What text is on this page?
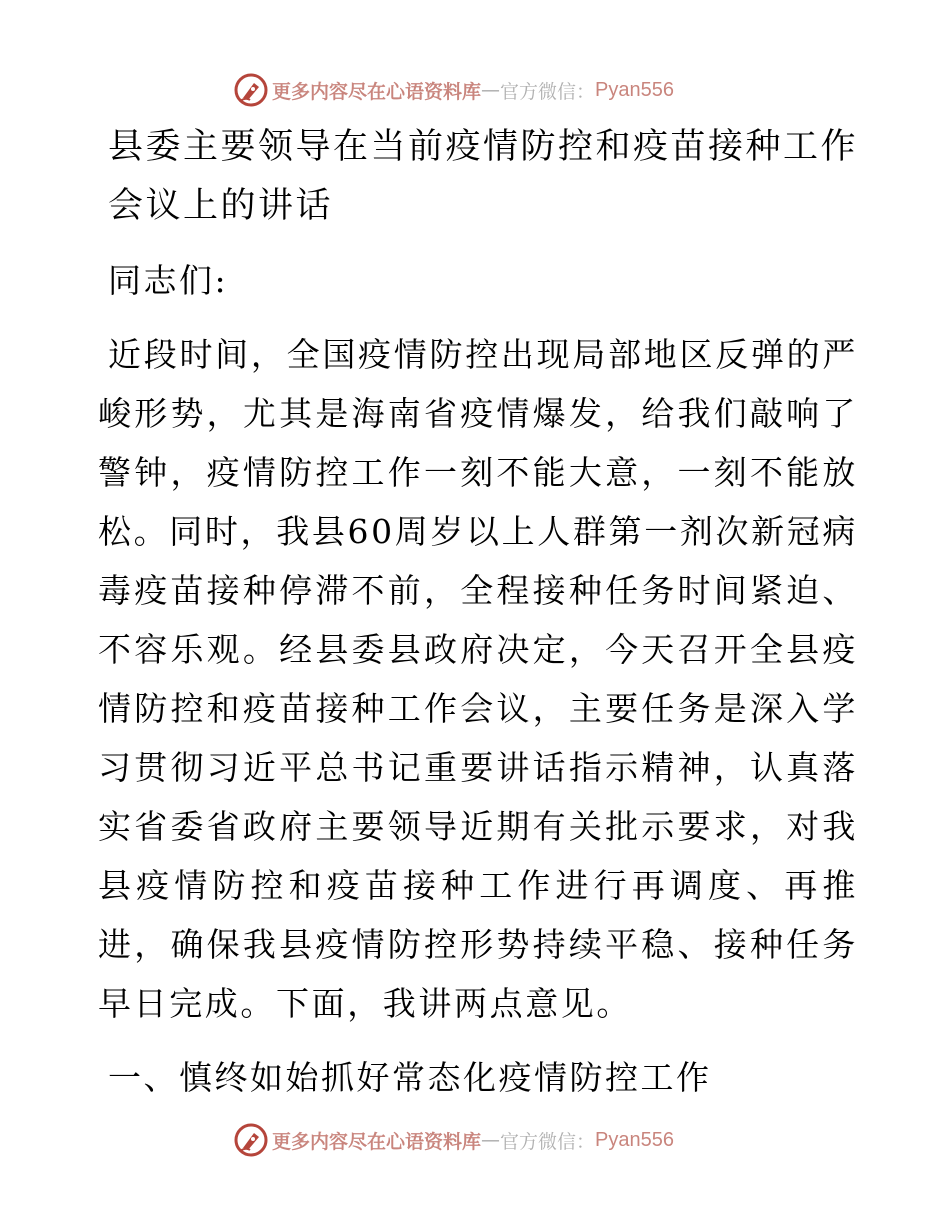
更多内容尽在心语资料库 — 官方微信： Pyan556
县委主要领导在当前疫情防控和疫苗接种工作会议上的讲话

同志们:

近段时间，全国疫情防控出现局部地区反弹的严峻形势，尤其是海南省疫情爆发，给我们敲响了警钟，疫情防控工作一刻不能大意，一刻不能放松。同时，我县60周岁以上人群第一剂次新冠病毒疫苗接种停滞不前，全程接种任务时间紧迫、不容乐观。经县委县政府决定，今天召开全县疫情防控和疫苗接种工作会议，主要任务是深入学习贯彻习近平总书记重要讲话指示精神，认真落实省委省政府主要领导近期有关批示要求，对我县疫情防控和疫苗接种工作进行再调度、再推进，确保我县疫情防控形势持续平稳、接种任务早日完成。下面，我讲两点意见。

一、慎终如始抓好常态化疫情防控工作

更多内容尽在心语资料库 — 官方微信： Pyan556
